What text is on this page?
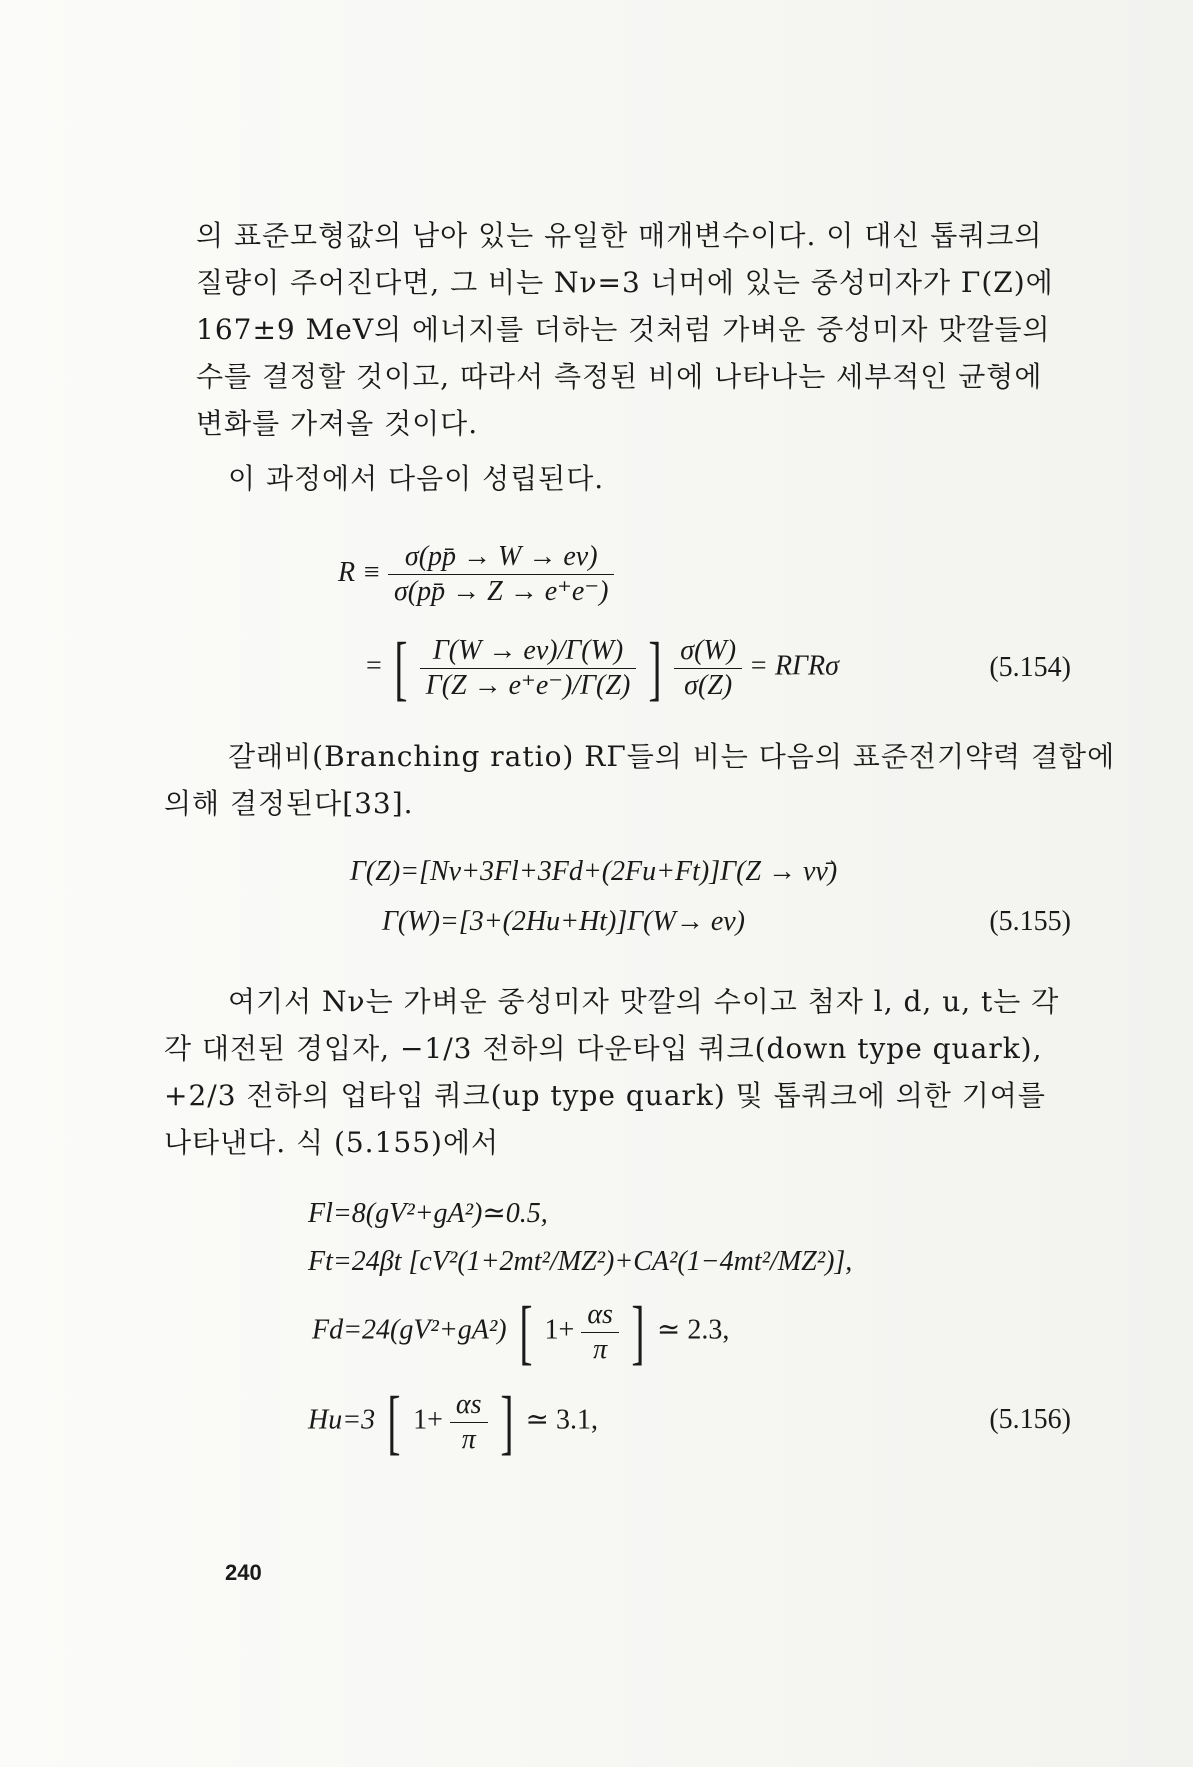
의 표준모형값의 남아 있는 유일한 매개변수이다. 이 대신 톱쿼크의
질량이 주어진다면, 그 비는 Nν=3 너머에 있는 중성미자가 Γ(Z)에
167±9 MeV의 에너지를 더하는 것처럼 가벼운 중성미자 맛깔들의
수를 결정할 것이고, 따라서 측정된 비에 나타나는 세부적인 균형에
변화를 가져올 것이다.
이 과정에서 다음이 성립된다.
$R \equiv \frac{\sigma(pp̄ \to W \to e\nu)}{\sigma(pp̄ \to Z \to e^+e^-)}$
= [ $\frac{\Gamma(W \to e\nu)/\Gamma(W)}{\Gamma(Z \to e^+e^-)/\Gamma(Z)}$ ] $\frac{\sigma(W)}{\sigma(Z)} = R\Gamma R\sigma$	(5.154)
갈래비(Branching ratio) RΓ들의 비는 다음의 표준전기약력 결합에
의해 결정된다[33].
Γ(Z)=[Nν+3Fl+3Fd+(2Fu+Ft)]Γ(Z → νν̄)
Γ(W)=[3+(2Hu+Ht)]Γ(W→ eν)	(5.155)
여기서 Nν는 가벼운 중성미자 맛깔의 수이고 첨자 l, d, u, t는 각
각 대전된 경입자, −1/3 전하의 다운타입 쿼크(down type quark),
+2/3 전하의 업타입 쿼크(up type quark) 및 톱쿼크에 의한 기여를
나타낸다. 식 (5.155)에서
Fl=8(gV²+gA²)≃0.5,
Ft=24βt [cV²(1+2mt²/MZ²)+CA²(1−4mt²/MZ²)],
Fd=24(gV²+gA²) [ $1+ \frac{\alpha s}{\pi}$ ] ≃ 2.3,
Hu=3 [ $1+ \frac{\alpha s}{\pi}$ ] ≃ 3.1,	(5.156)
240
